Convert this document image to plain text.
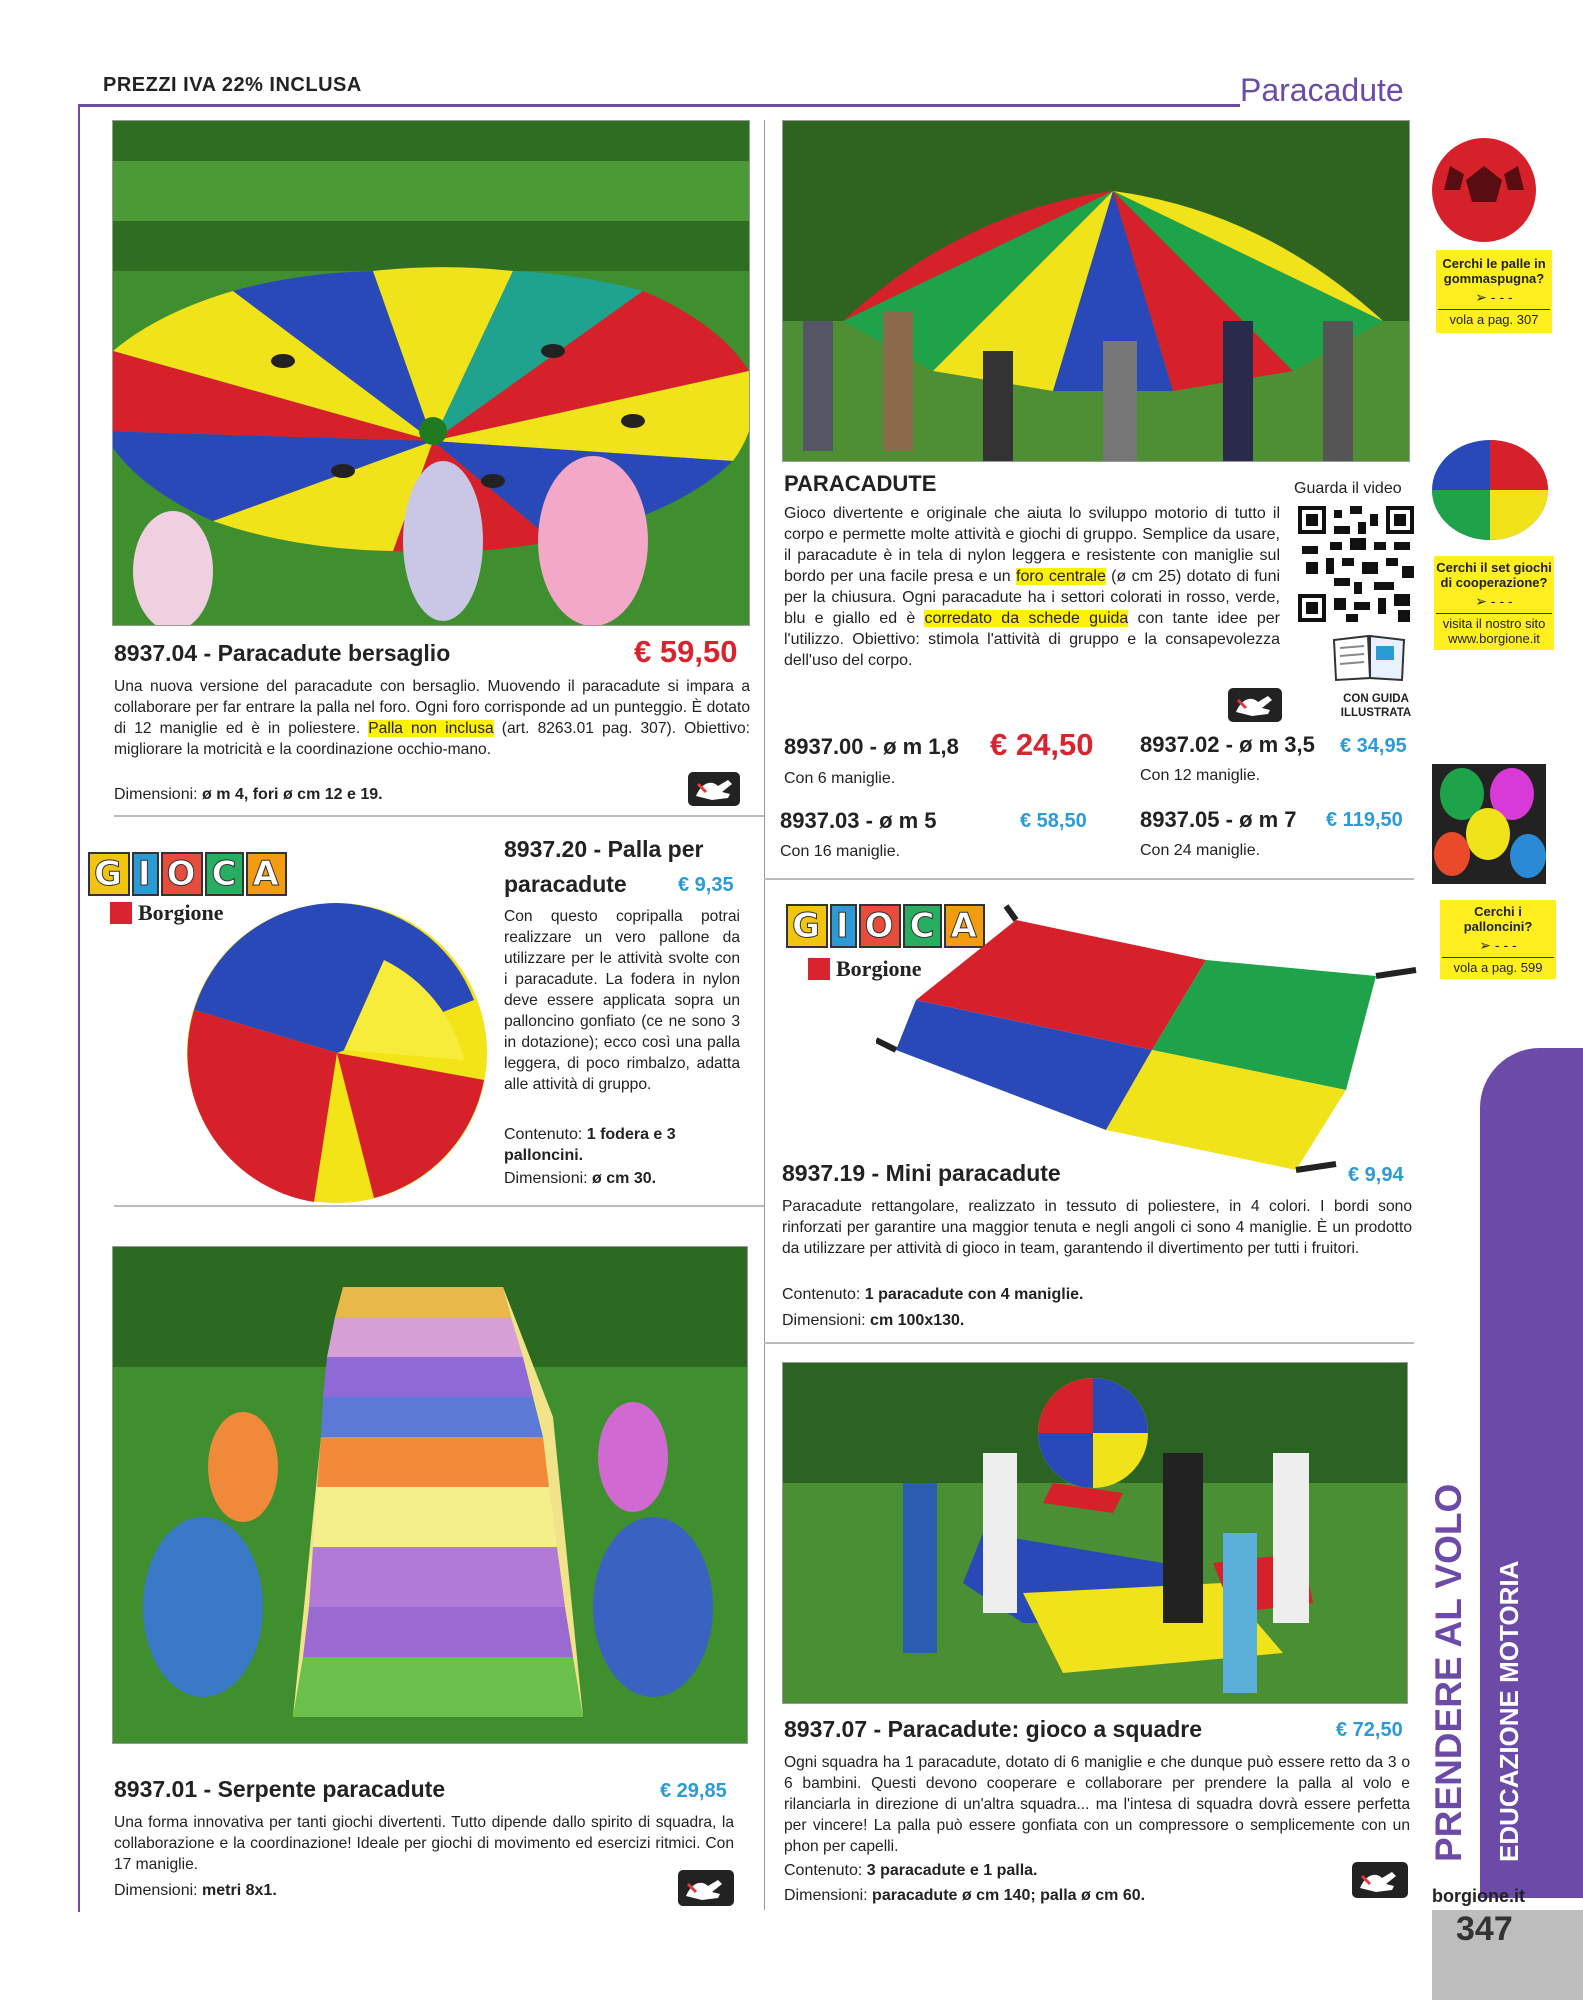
PREZZI IVA 22% INCLUSA	Paracadute
8937.04 - Paracadute bersaglio	€ 59,50
Una nuova versione del paracadute con bersaglio. Muovendo il paracadute si impara a collaborare per far entrare la palla nel foro. Ogni foro corrisponde ad un punteggio. È dotato di 12 maniglie ed è in poliestere. Palla non inclusa (art. 8263.01 pag. 307). Obiettivo: migliorare la motricità e la coordinazione occhio-mano.
Dimensioni: ø m 4, fori ø cm 12 e 19.
PARACADUTE
Gioco divertente e originale che aiuta lo sviluppo motorio di tutto il corpo e permette molte attività e giochi di gruppo. Semplice da usare, il paracadute è in tela di nylon leggera e resistente con maniglie sul bordo per una facile presa e un foro centrale (ø cm 25) dotato di funi per la chiusura. Ogni paracadute ha i settori colorati in rosso, verde, blu e giallo ed è corredato da schede guida con tante idee per l'utilizzo. Obiettivo: stimola l'attività di gruppo e la consapevolezza dell'uso del corpo.
Guarda il video
CON GUIDA ILLUSTRATA
8937.00 - ø m 1,8 € 24,50
Con 6 maniglie.
8937.02 - ø m 3,5 € 34,95
Con 12 maniglie.
8937.03 - ø m 5	€ 58,50
Con 16 maniglie.
8937.05 - ø m 7 € 119,50
Con 24 maniglie.
G I O C A
Borgione
8937.20 - Palla per
paracadute	€ 9,35
Con questo copripalla potrai realizzare un vero pallone da utilizzare per le attività svolte con i paracadute. La fodera in nylon deve essere applicata sopra un palloncino gonfiato (ce ne sono 3 in dotazione); ecco così una palla leggera, di poco rimbalzo, adatta alle attività di gruppo.
Contenuto: 1 fodera e 3 palloncini.
Dimensioni: ø cm 30.
G I O C A
Borgione
8937.19 - Mini paracadute	€ 9,94
Paracadute rettangolare, realizzato in tessuto di poliestere, in 4 colori. I bordi sono rinforzati per garantire una maggior tenuta e negli angoli ci sono 4 maniglie. È un prodotto da utilizzare per attività di gioco in team, garantendo il divertimento per tutti i fruitori.
Contenuto: 1 paracadute con 4 maniglie.
Dimensioni: cm 100x130.
8937.01 - Serpente paracadute	€ 29,85
Una forma innovativa per tanti giochi divertenti. Tutto dipende dallo spirito di squadra, la collaborazione e la coordinazione! Ideale per giochi di movimento ed esercizi ritmici. Con 17 maniglie.
Dimensioni: metri 8x1.
8937.07 - Paracadute: gioco a squadre	€ 72,50
Ogni squadra ha 1 paracadute, dotato di 6 maniglie e che dunque può essere retto da 3 o 6 bambini. Questi devono cooperare e collaborare per prendere la palla al volo e rilanciarla in direzione di un'altra squadra... ma l'intesa di squadra dovrà essere perfetta per vincere! La palla può essere gonfiata con un compressore o semplicemente con un phon per capelli.
Contenuto: 3 paracadute e 1 palla.
Dimensioni: paracadute ø cm 140; palla ø cm 60.
Cerchi le palle in gommaspugna?
➢ - - -
vola a pag. 307
Cerchi il set giochi di cooperazione?
➢ - - -
visita il nostro sito www.borgione.it
Cerchi i palloncini?
➢ - - -
vola a pag. 599
PRENDERE AL VOLO EDUCAZIONE MOTORIA
borgione.it
347
